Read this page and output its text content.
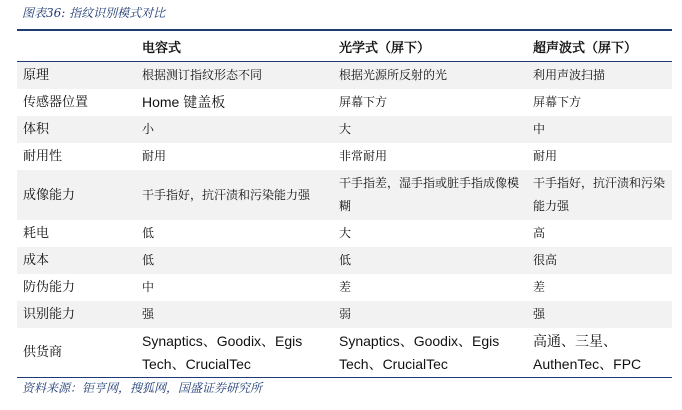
图表36: 指纹识别模式对比
	电容式	光学式（屏下）	超声波式（屏下）
原理	根据测订指纹形态不同	根据光源所反射的光	利用声波扫描
传感器位置	Home 键盖板	屏幕下方	屏幕下方
体积	小	大	中
耐用性	耐用	非常耐用	耐用
成像能力	干手指好，抗汗渍和污染能力强	干手指差，湿手指或脏手指成像模糊	干手指好，抗汗渍和污染能力强
耗电	低	大	高
成本	低	低	很高
防伪能力	中	差	差
识别能力	强	弱	强
供货商	Synaptics、Goodix、Egis Tech、CrucialTec	Synaptics、Goodix、Egis Tech、CrucialTec	高通、三星、AuthenTec、FPC
资料来源：钜亨网，搜狐网，国盛证券研究所
